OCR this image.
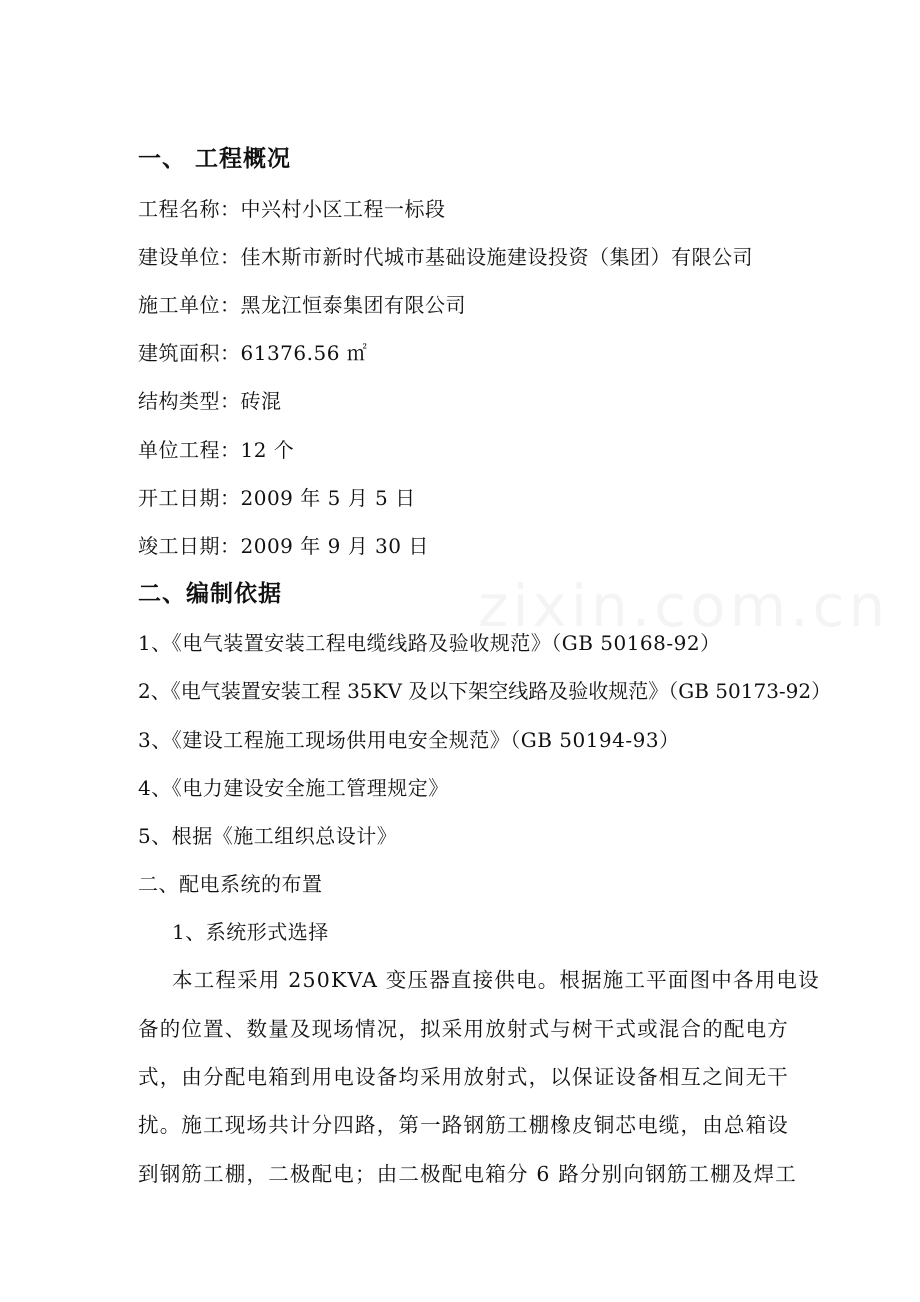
一、 工程概况
工程名称：中兴村小区工程一标段
建设单位：佳木斯市新时代城市基础设施建设投资（集团）有限公司
施工单位：黑龙江恒泰集团有限公司
建筑面积：61376.56 ㎡
结构类型：砖混
单位工程：12 个
开工日期：2009 年 5 月 5 日
竣工日期：2009 年 9 月 30 日
二、编制依据
1、《电气装置安装工程电缆线路及验收规范》（GB 50168-92）
2、《电气装置安装工程 35KV 及以下架空线路及验收规范》（GB 50173-92）
3、《建设工程施工现场供用电安全规范》（GB 50194-93）
4、《电力建设安全施工管理规定》
5、根据《施工组织总设计》
二、配电系统的布置
1、系统形式选择
本工程采用 250KVA 变压器直接供电。根据施工平面图中各用电设
备的位置、数量及现场情况，拟采用放射式与树干式或混合的配电方
式，由分配电箱到用电设备均采用放射式，以保证设备相互之间无干
扰。施工现场共计分四路，第一路钢筋工棚橡皮铜芯电缆，由总箱设
到钢筋工棚，二极配电；由二极配电箱分 6 路分别向钢筋工棚及焊工
